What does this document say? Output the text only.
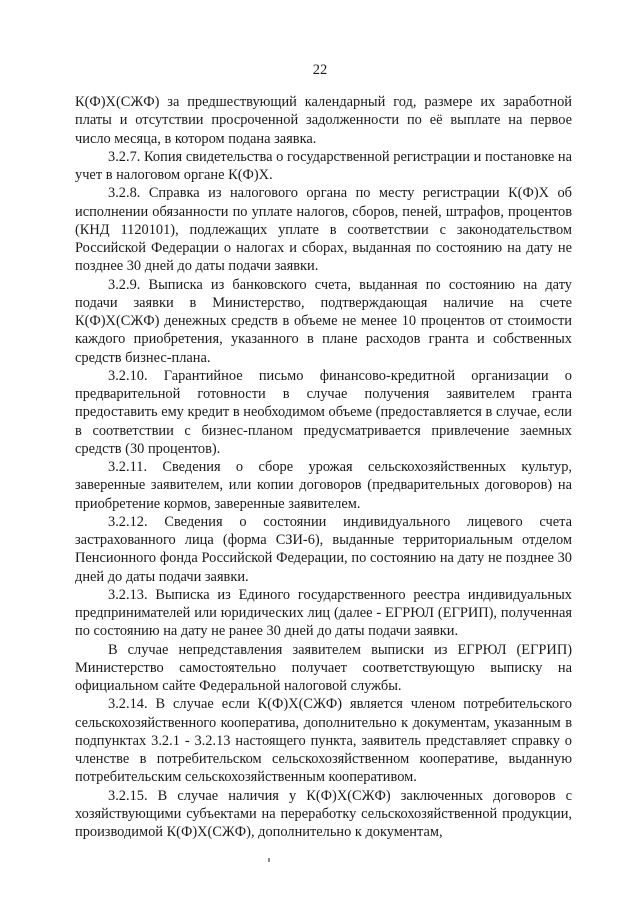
22

К(Ф)Х(СЖФ) за предшествующий календарный год, размере их заработной платы и отсутствии просроченной задолженности по её выплате на первое число месяца, в котором подана заявка.

3.2.7. Копия свидетельства о государственной регистрации и постановке на учет в налоговом органе К(Ф)Х.

3.2.8. Справка из налогового органа по месту регистрации К(Ф)Х об исполнении обязанности по уплате налогов, сборов, пеней, штрафов, процентов (КНД 1120101), подлежащих уплате в соответствии с законодательством Российской Федерации о налогах и сборах, выданная по состоянию на дату не позднее 30 дней до даты подачи заявки.

3.2.9. Выписка из банковского счета, выданная по состоянию на дату подачи заявки в Министерство, подтверждающая наличие на счете К(Ф)Х(СЖФ) денежных средств в объеме не менее 10 процентов от стоимости каждого приобретения, указанного в плане расходов гранта и собственных средств бизнес-плана.

3.2.10. Гарантийное письмо финансово-кредитной организации о предварительной готовности в случае получения заявителем гранта предоставить ему кредит в необходимом объеме (предоставляется в случае, если в соответствии с бизнес-планом предусматривается привлечение заемных средств (30 процентов).

3.2.11. Сведения о сборе урожая сельскохозяйственных культур, заверенные заявителем, или копии договоров (предварительных договоров) на приобретение кормов, заверенные заявителем.

3.2.12. Сведения о состоянии индивидуального лицевого счета застрахованного лица (форма СЗИ-6), выданные территориальным отделом Пенсионного фонда Российской Федерации, по состоянию на дату не позднее 30 дней до даты подачи заявки.

3.2.13. Выписка из Единого государственного реестра индивидуальных предпринимателей или юридических лиц (далее - ЕГРЮЛ (ЕГРИП), полученная по состоянию на дату не ранее 30 дней до даты подачи заявки.

В случае непредставления заявителем выписки из ЕГРЮЛ (ЕГРИП) Министерство самостоятельно получает соответствующую выписку на официальном сайте Федеральной налоговой службы.

3.2.14. В случае если К(Ф)Х(СЖФ) является членом потребительского сельскохозяйственного кооператива, дополнительно к документам, указанным в подпунктах 3.2.1 - 3.2.13 настоящего пункта, заявитель представляет справку о членстве в потребительском сельскохозяйственном кооперативе, выданную потребительским сельскохозяйственным кооперативом.

3.2.15. В случае наличия у К(Ф)Х(СЖФ) заключенных договоров с хозяйствующими субъектами на переработку сельскохозяйственной продукции, производимой К(Ф)Х(СЖФ), дополнительно к документам,
